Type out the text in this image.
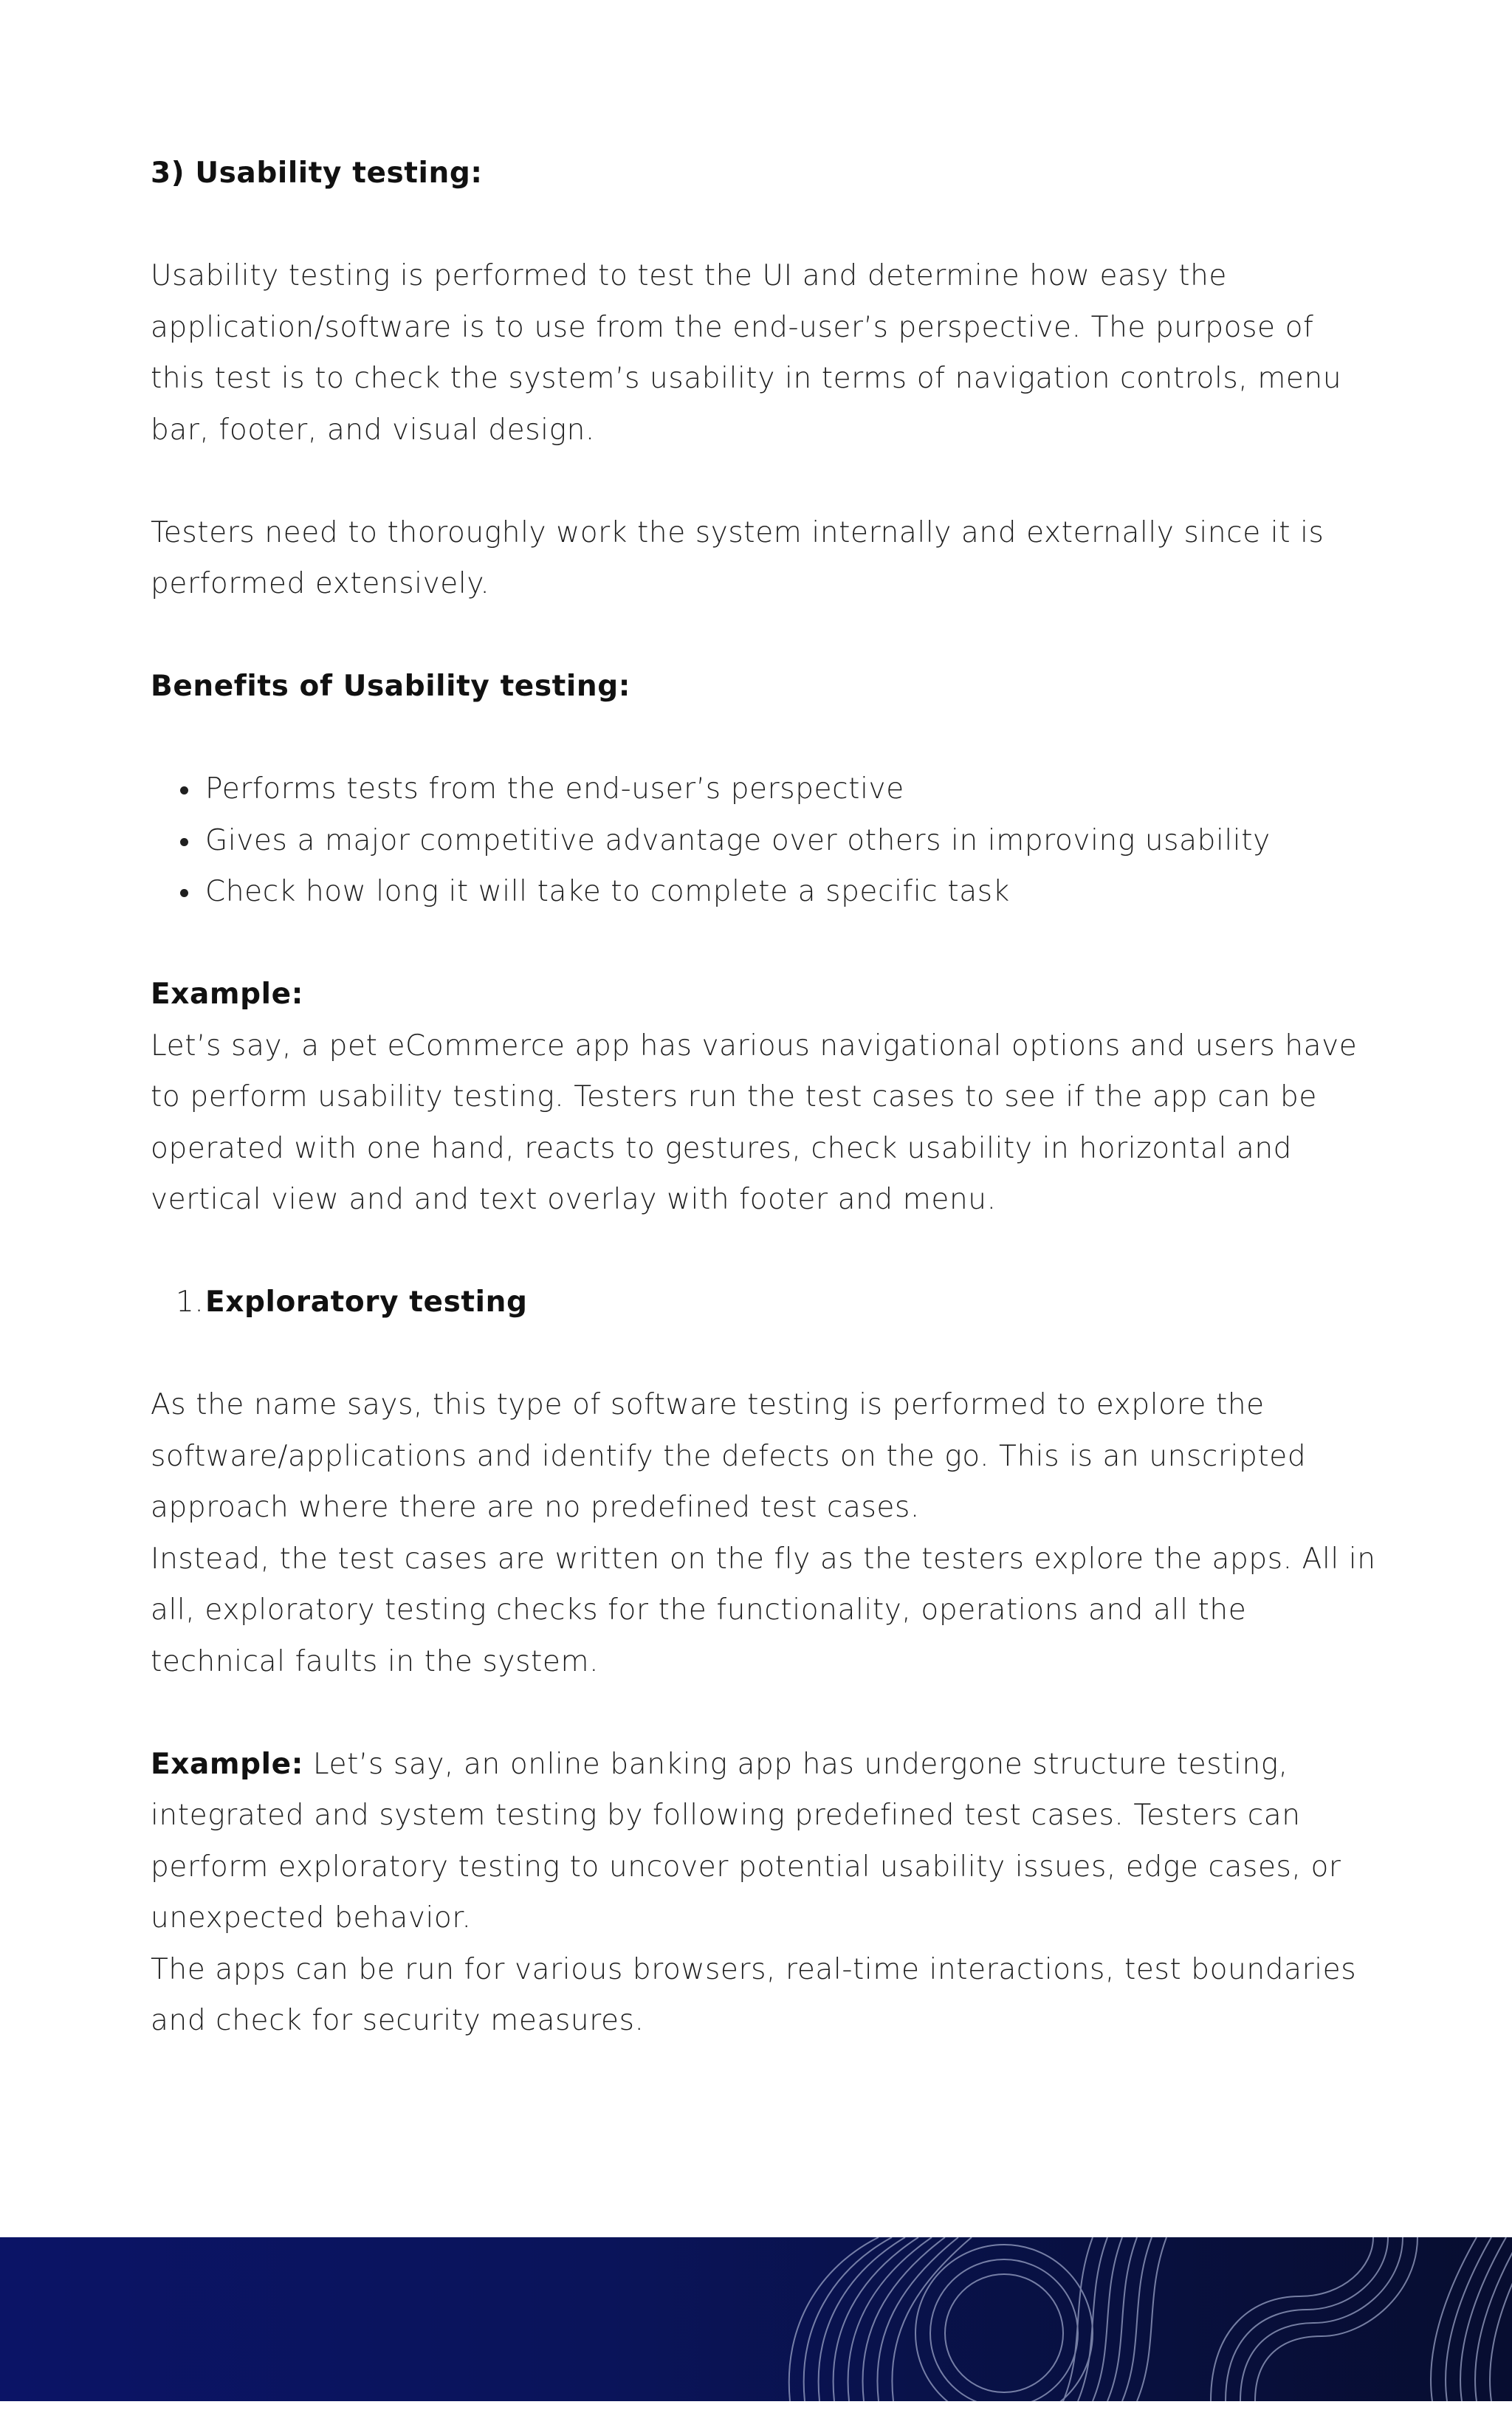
3) Usability testing:
Usability testing is performed to test the UI and determine how easy the
application/software is to use from the end-user’s perspective. The purpose of
this test is to check the system’s usability in terms of navigation controls, menu
bar, footer, and visual design.
Testers need to thoroughly work the system internally and externally since it is
performed extensively.
Benefits of Usability testing:
Performs tests from the end-user’s perspective
Gives a major competitive advantage over others in improving usability
Check how long it will take to complete a specific task
Example:
Let’s say, a pet eCommerce app has various navigational options and users have
to perform usability testing. Testers run the test cases to see if the app can be
operated with one hand, reacts to gestures, check usability in horizontal and
vertical view and and text overlay with footer and menu.
1. Exploratory testing
As the name says, this type of software testing is performed to explore the
software/applications and identify the defects on the go. This is an unscripted
approach where there are no predefined test cases.
Instead, the test cases are written on the fly as the testers explore the apps. All in
all, exploratory testing checks for the functionality, operations and all the
technical faults in the system.
Example: Let’s say, an online banking app has undergone structure testing,
integrated and system testing by following predefined test cases. Testers can
perform exploratory testing to uncover potential usability issues, edge cases, or
unexpected behavior.
The apps can be run for various browsers, real-time interactions, test boundaries
and check for security measures.
